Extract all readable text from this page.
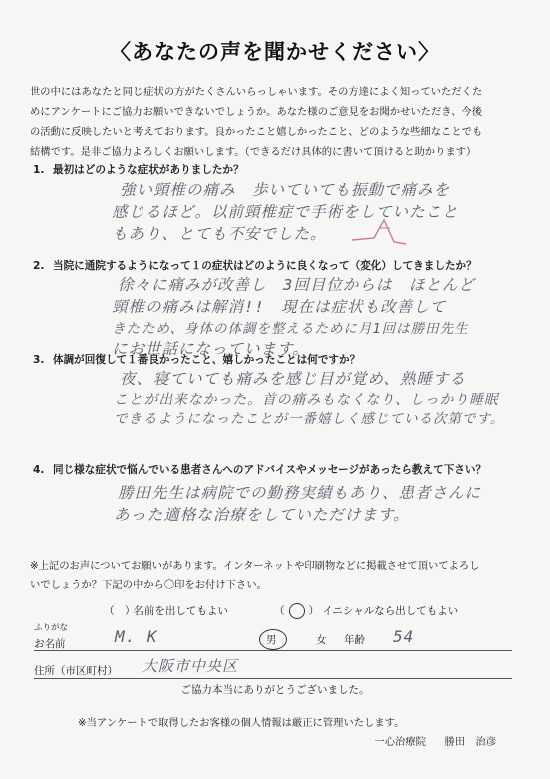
〈あなたの声を聞かせください〉
世の中にはあなたと同じ症状の方がたくさんいらっしゃいます。その方達によく知っていただくた
めにアンケートにご協力お願いできないでしょうか。あなた様のご意見をお聞かせいただき、今後
の活動に反映したいと考えております。良かったこと嬉しかったこと、どのような些細なことでも
結構です。是非ご協力よろしくお願いします。（できるだけ具体的に書いて頂けると助かります）
1. 最初はどのような症状がありましたか？
強い頸椎の痛み　歩いていても振動で痛みを
感じるほど。以前頸椎症で手術をしていたこと
もあり、とても不安でした。
2. 当院に通院するようになって１の症状はどのように良くなって（変化）してきましたか？
徐々に痛みが改善し　3回目位からは　ほとんど
頸椎の痛みは解消!!　現在は症状も改善して
きたため、身体の体調を整えるために月1回は勝田先生
にお世話になっています。
3. 体調が回復して１番良かったこと、嬉しかったことは何ですか？
夜、寝ていても痛みを感じ目が覚め、熟睡する
ことが出来なかった。首の痛みもなくなり、しっかり睡眠
できるようになったことが一番嬉しく感じている次第です。
4. 同じ様な症状で悩んでいる患者さんへのアドバイスやメッセージがあったら教えて下さい？
勝田先生は病院での勤務実績もあり、患者さんに
あった適格な治療をしていただけます。
※上記のお声についてお願いがあります。インターネットや印刷物などに掲載させて頂いてよろし
いでしょうか？下記の中から〇印をお付け下さい。
（　） 名前を出してもよい	（ ○ ） イニシャルなら出してもよい
ふりがな
お名前	M. K	男	女 年齢 54
住所（市区町村） 大阪市中央区
ご協力本当にありがとうございました。
※当アンケートで取得したお客様の個人情報は厳正に管理いたします。
一心治療院 勝田　治彦
